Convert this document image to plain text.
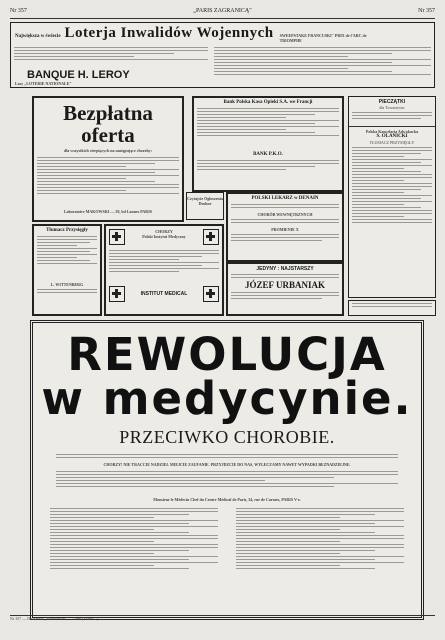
Nr 357	„PARIS ZAGRANICĄ"	Nr 357
Największa w świecie Loterja Inwalidów Wojennych SWEEPSTAKE FRANCUSKI" PRIX de l'ARC de TRIOMPHE
BANQUE H. LEROY
Losy „LOTERIE NATIONALE"
Bezpłatna oferta
dla wszystkich cierpiących na następujące choroby:
Laboratoire MAKOWSKI — 59, bd Lannes PARIS
Bank Polska Kasa Opieki S.A. we Francji
BANK P.K.O.
PIECZĄTKI
dla Towarzystw
Polska Kancelaria Adwokacka
S. OLANICKI
TŁUMACZ PRZYSIĘGŁY
Czytajcie Ogłoszenia Drobne
POLSKI LEKARZ w DENAIN
CHORÓB WEWNĘTRZNYCH
PROMIENIE X
Tłumacz Przysięgły
L. WITTENBERG
CHORZY
Polski Instytut Medyczny
INSTITUT MEDICAL
JEDYNY : NAJSTARSZY
JÓZEF URBANIAK
REWOLUCJA
w medycynie.
PRZECIWKO CHOROBIE.
CHORZY! NIE TRACCIE NADZIEI. MIEJCIE ZAUFANIE. PRZYJDZCIE DO NAS, WYLECZAMY NAWET WYPADKI BEZNADZIEJNE.
Monsieur le Médecin Chef du Centre Médical de Paris, 34, rue de Carmes, PARIS V-e.
Nr 357 — Drukarnia „Narodowiec" — Lens (P.-de-C.)
